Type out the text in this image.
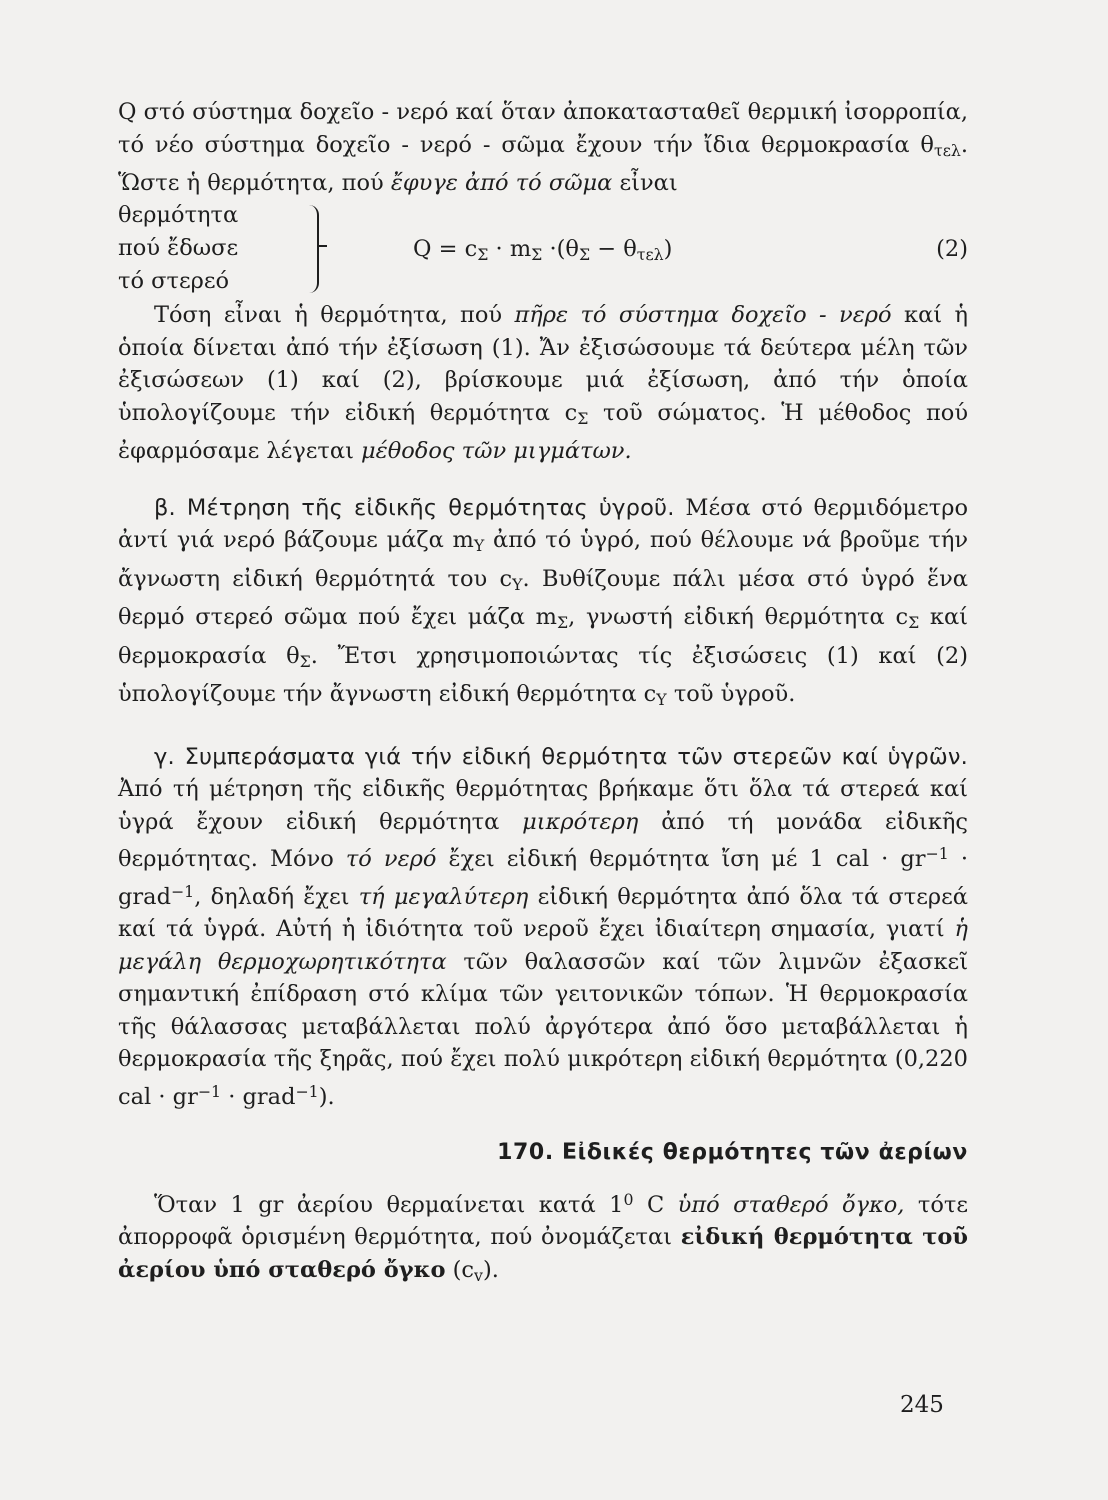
Q στό σύστημα δοχεῖο - νερό καί ὅταν ἀποκατασταθεῖ θερμική ἰσορροπία, τό νέο σύστημα δοχεῖο - νερό - σῶμα ἔχουν τήν ἴδια θερμοκρασία $\theta_{\tau\varepsilon\lambda}$. Ὥστε ἡ θερμότητα, πού ἔφυγε ἀπό τό σῶμα εἶναι

θερμότητα
πού ἔδωσε
τό στερεό
$Q = c_\Sigma \cdot m_\Sigma \cdot(\theta_\Sigma - \theta_{\tau\varepsilon\lambda})$	(2)

Τόση εἶναι ἡ θερμότητα, πού πῆρε τό σύστημα δοχεῖο - νερό καί ἡ ὁποία δίνεται ἀπό τήν ἐξίσωση (1). Ἄν ἐξισώσουμε τά δεύτερα μέλη τῶν ἐξισώσεων (1) καί (2), βρίσκουμε μιά ἐξίσωση, ἀπό τήν ὁποία ὑπολογίζουμε τήν εἰδική θερμότητα $c_\Sigma$ τοῦ σώματος. Ἡ μέθοδος πού ἐφαρμόσαμε λέγεται μέθοδος τῶν μιγμάτων.

β. Μέτρηση τῆς εἰδικῆς θερμότητας ὑγροῦ. Μέσα στό θερμιδόμετρο ἀντί γιά νερό βάζουμε μάζα $m_\Upsilon$ ἀπό τό ὑγρό, πού θέλουμε νά βροῦμε τήν ἄγνωστη εἰδική θερμότητά του $c_\Upsilon$. Βυθίζουμε πάλι μέσα στό ὑγρό ἕνα θερμό στερεό σῶμα πού ἔχει μάζα $m_\Sigma$, γνωστή εἰδική θερμότητα $c_\Sigma$ καί θερμοκρασία $\theta_\Sigma$. Ἔτσι χρησιμοποιώντας τίς ἐξισώσεις (1) καί (2) ὑπολογίζουμε τήν ἄγνωστη εἰδική θερμότητα $c_\Upsilon$ τοῦ ὑγροῦ.

γ. Συμπεράσματα γιά τήν εἰδική θερμότητα τῶν στερεῶν καί ὑγρῶν. Ἀπό τή μέτρηση τῆς εἰδικῆς θερμότητας βρήκαμε ὅτι ὅλα τά στερεά καί ὑγρά ἔχουν εἰδική θερμότητα μικρότερη ἀπό τή μονάδα εἰδικῆς θερμότητας. Μόνο τό νερό ἔχει εἰδική θερμότητα ἴση μέ 1 cal · $gr^{-1}$ · grad$^{-1}$, δηλαδή ἔχει τή μεγαλύτερη εἰδική θερμότητα ἀπό ὅλα τά στερεά καί τά ὑγρά. Αὐτή ἡ ἰδιότητα τοῦ νεροῦ ἔχει ἰδιαίτερη σημασία, γιατί ἡ μεγάλη θερμοχωρητικότητα τῶν θαλασσῶν καί τῶν λιμνῶν ἐξασκεῖ σημαντική ἐπίδραση στό κλίμα τῶν γειτονικῶν τόπων. Ἡ θερμοκρασία τῆς θάλασσας μεταβάλλεται πολύ ἀργότερα ἀπό ὅσο μεταβάλλεται ἡ θερμοκρασία τῆς ξηρᾶς, πού ἔχει πολύ μικρότερη εἰδική θερμότητα (0,220 cal · $gr^{-1}$ · grad$^{-1}$).

170. Εἰδικές θερμότητες τῶν ἀερίων

Ὅταν 1 gr ἀερίου θερμαίνεται κατά $1^0$ C ὑπό σταθερό ὄγκο, τότε ἀπορροφᾶ ὁρισμένη θερμότητα, πού ὀνομάζεται εἰδική θερμότητα τοῦ ἀερίου ὑπό σταθερό ὄγκο $(c_v)$.

245
